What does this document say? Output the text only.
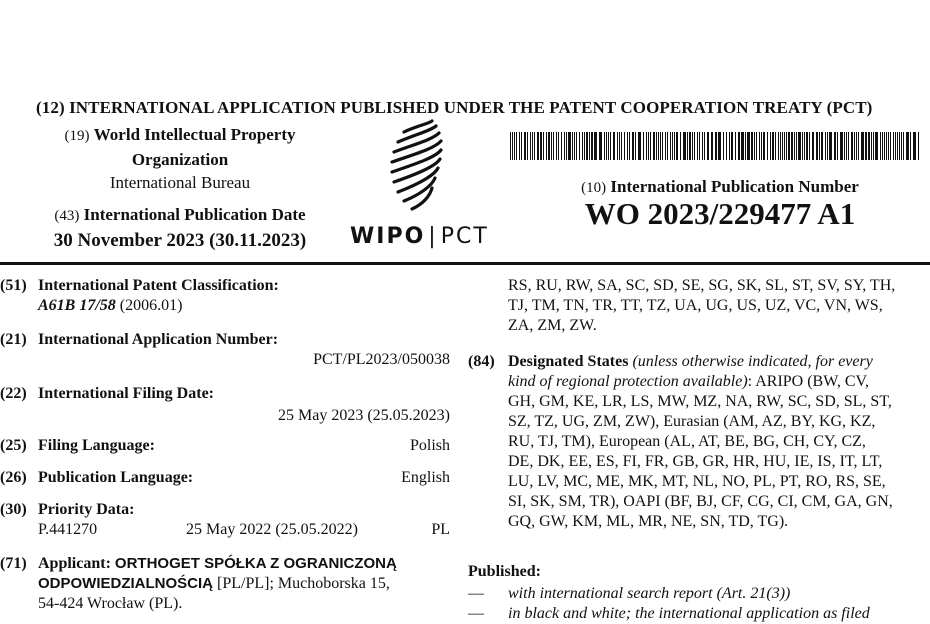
(12) INTERNATIONAL APPLICATION PUBLISHED UNDER THE PATENT COOPERATION TREATY (PCT)
(19) World Intellectual Property
Organization
International Bureau
(43) International Publication Date
30 November 2023 (30.11.2023)	WIPO | PCT
(10) International Publication Number
WO 2023/229477 A1
(51) International Patent Classification:
A61B 17/58 (2006.01)
(21) International Application Number:
PCT/PL2023/050038
(22) International Filing Date:
25 May 2023 (25.05.2023)
(25) Filing Language:	Polish
(26) Publication Language:	English
(30) Priority Data:
P.441270	25 May 2022 (25.05.2022)	PL
(71) Applicant: ORTHOGET SPÓŁKA Z OGRANICZONĄ
ODPOWIEDZIALNOŚCIĄ [PL/PL]; Muchoborska 15,
54-424 Wrocław (PL).
RS, RU, RW, SA, SC, SD, SE, SG, SK, SL, ST, SV, SY, TH,
TJ, TM, TN, TR, TT, TZ, UA, UG, US, UZ, VC, VN, WS,
ZA, ZM, ZW.
(84) Designated States (unless otherwise indicated, for every
kind of regional protection available): ARIPO (BW, CV,
GH, GM, KE, LR, LS, MW, MZ, NA, RW, SC, SD, SL, ST,
SZ, TZ, UG, ZM, ZW), Eurasian (AM, AZ, BY, KG, KZ,
RU, TJ, TM), European (AL, AT, BE, BG, CH, CY, CZ,
DE, DK, EE, ES, FI, FR, GB, GR, HR, HU, IE, IS, IT, LT,
LU, LV, MC, ME, MK, MT, NL, NO, PL, PT, RO, RS, SE,
SI, SK, SM, TR), OAPI (BF, BJ, CF, CG, CI, CM, GA, GN,
GQ, GW, KM, ML, MR, NE, SN, TD, TG).
Published:
— with international search report (Art. 21(3))
— in black and white; the international application as filed
